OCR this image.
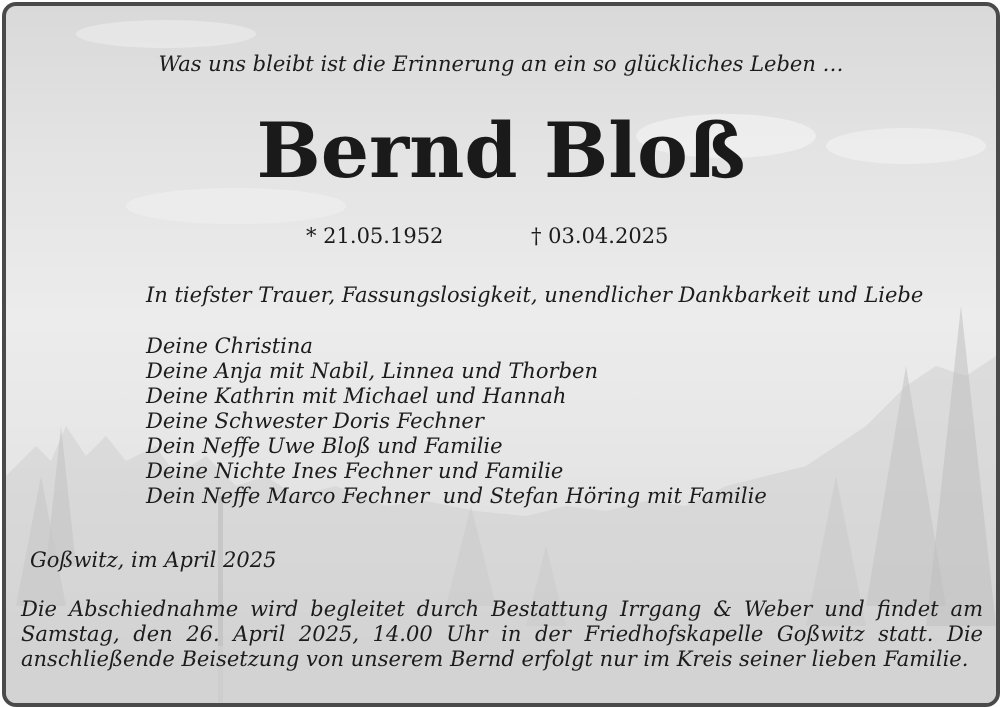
Was uns bleibt ist die Erinnerung an ein so glückliches Leben …
Bernd Bloß
* 21.05.1952	† 03.04.2025
In tiefster Trauer, Fassungslosigkeit, unendlicher Dankbarkeit und Liebe
Deine Christina
Deine Anja mit Nabil, Linnea und Thorben
Deine Kathrin mit Michael und Hannah
Deine Schwester Doris Fechner
Dein Neffe Uwe Bloß und Familie
Deine Nichte Ines Fechner und Familie
Dein Neffe Marco Fechner  und Stefan Höring mit Familie
Goßwitz, im April 2025
Die Abschiednahme wird begleitet durch Bestattung Irrgang & Weber und findet am Samstag, den 26. April 2025, 14.00 Uhr in der Friedhofskapelle Goßwitz statt. Die anschließende Beisetzung von unserem Bernd erfolgt nur im Kreis seiner lieben Familie.
